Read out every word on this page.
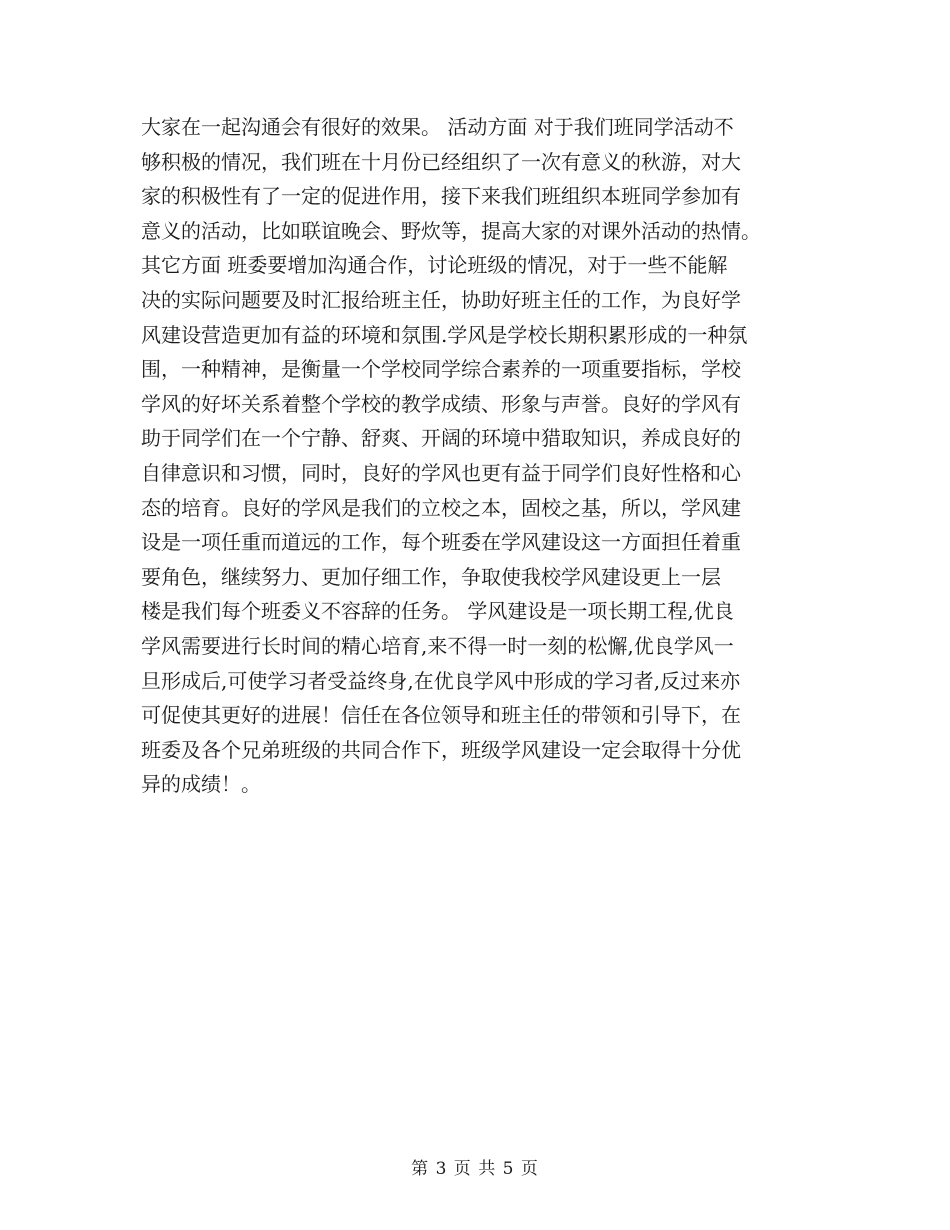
大家在一起沟通会有很好的效果。 活动方面 对于我们班同学活动不
够积极的情况，我们班在十月份已经组织了一次有意义的秋游，对大
家的积极性有了一定的促进作用，接下来我们班组织本班同学参加有
意义的活动，比如联谊晚会、野炊等，提高大家的对课外活动的热情。
其它方面 班委要增加沟通合作，讨论班级的情况，对于一些不能解
决的实际问题要及时汇报给班主任，协助好班主任的工作，为良好学
风建设营造更加有益的环境和氛围.学风是学校长期积累形成的一种氛
围，一种精神，是衡量一个学校同学综合素养的一项重要指标，学校
学风的好坏关系着整个学校的教学成绩、形象与声誉。良好的学风有
助于同学们在一个宁静、舒爽、开阔的环境中猎取知识，养成良好的
自律意识和习惯，同时，良好的学风也更有益于同学们良好性格和心
态的培育。良好的学风是我们的立校之本，固校之基，所以，学风建
设是一项任重而道远的工作，每个班委在学风建设这一方面担任着重
要角色，继续努力、更加仔细工作，争取使我校学风建设更上一层
楼是我们每个班委义不容辞的任务。 学风建设是一项长期工程,优良
学风需要进行长时间的精心培育,来不得一时一刻的松懈,优良学风一
旦形成后,可使学习者受益终身,在优良学风中形成的学习者,反过来亦
可促使其更好的进展！信任在各位领导和班主任的带领和引导下，在
班委及各个兄弟班级的共同合作下，班级学风建设一定会取得十分优
异的成绩！。
第 3 页 共 5 页
